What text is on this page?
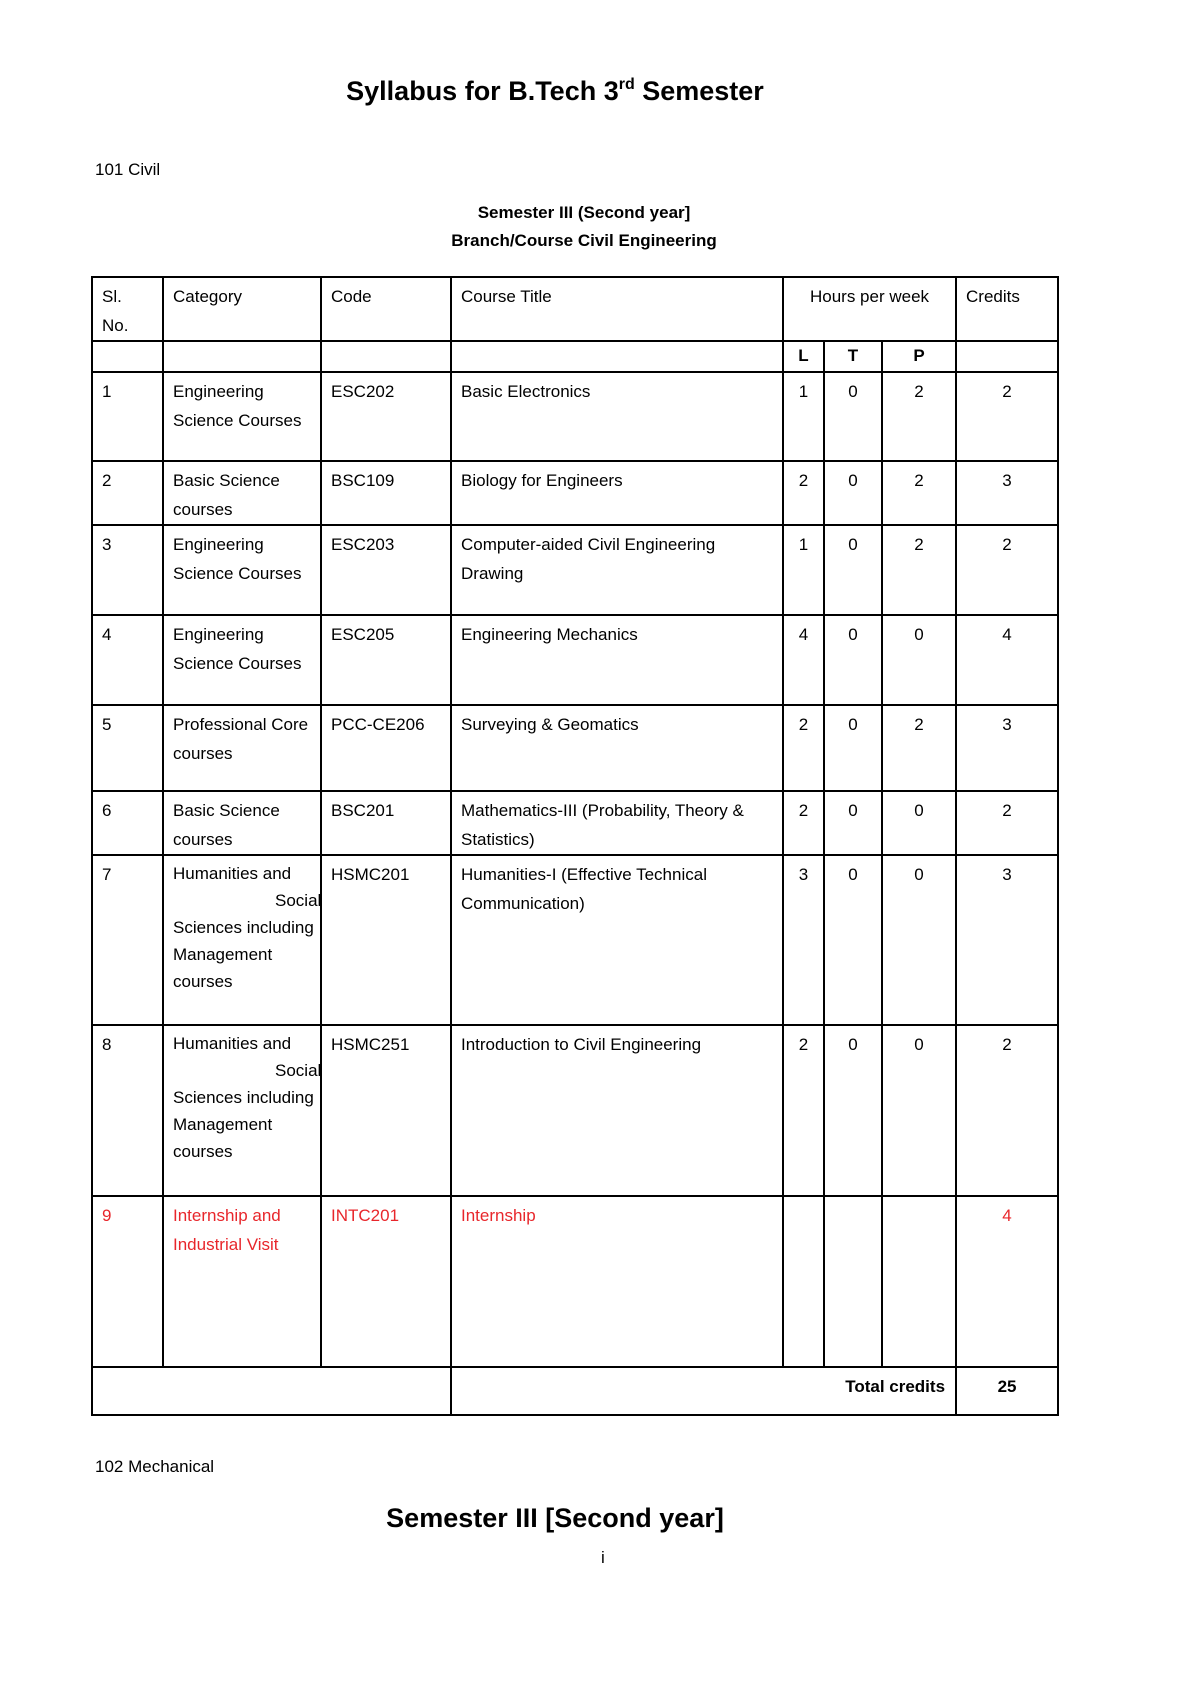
Syllabus for B.Tech 3rd Semester
101 Civil
Semester III (Second year]
Branch/Course Civil Engineering
Sl.
No.	Category	Code	Course Title	Hours per week			Credits
				L	T	P	
1	Engineering Science Courses	ESC202	Basic Electronics	1	0	2	2
2	Basic Science courses	BSC109	Biology for Engineers	2	0	2	3
3	Engineering Science Courses	ESC203	Computer-aided Civil Engineering Drawing	1	0	2	2
4	Engineering Science Courses	ESC205	Engineering Mechanics	4	0	0	4
5	Professional Core courses	PCC-CE206	Surveying & Geomatics	2	0	2	3
6	Basic Science courses	BSC201	Mathematics-III (Probability, Theory & Statistics)	2	0	0	2
7	Humanities and
Social
Sciences including Management courses	HSMC201	Humanities-I (Effective Technical Communication)	3	0	0	3
8	Humanities and
Social
Sciences including Management courses	HSMC251	Introduction to Civil Engineering	2	0	0	2
9	Internship and Industrial Visit	INTC201	Internship				4
			Total credits				25
102 Mechanical
Semester III [Second year]
i
